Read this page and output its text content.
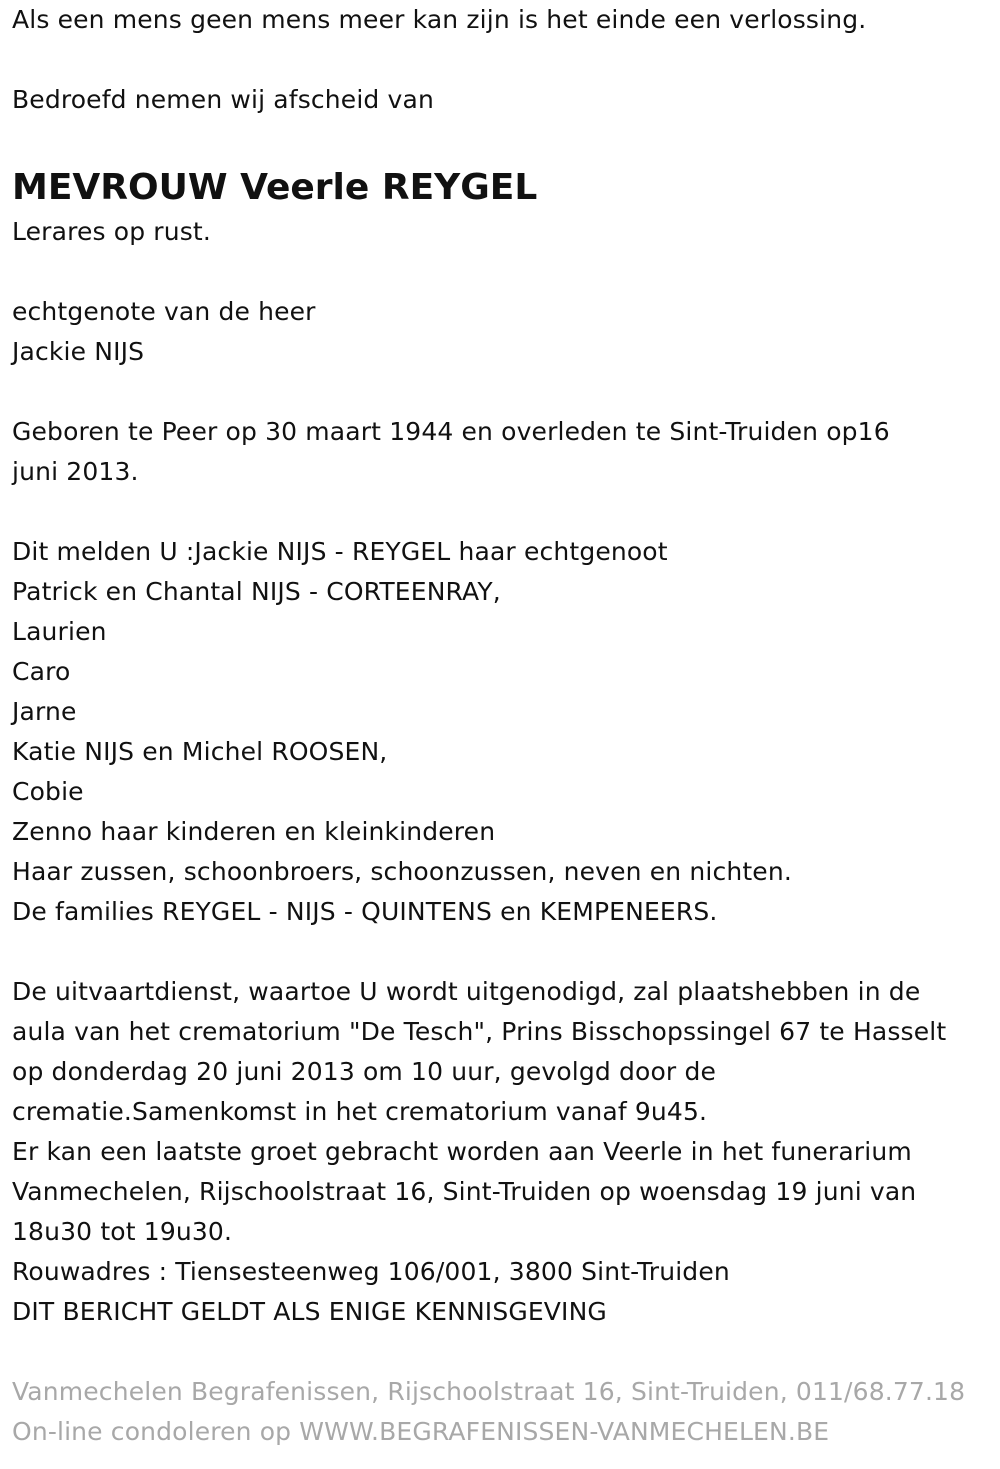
Als een mens geen mens meer kan zijn is het einde een verlossing.
Bedroefd nemen wij afscheid van
MEVROUW Veerle REYGEL
Lerares op rust.
echtgenote van de heer
Jackie NIJS
Geboren te Peer op 30 maart 1944 en overleden te Sint-Truiden op16
juni 2013.
Dit melden U :Jackie NIJS - REYGEL haar echtgenoot
Patrick en Chantal NIJS - CORTEENRAY,
Laurien
Caro
Jarne
Katie NIJS en Michel ROOSEN,
Cobie
Zenno haar kinderen en kleinkinderen
Haar zussen, schoonbroers, schoonzussen, neven en nichten.
De families REYGEL - NIJS - QUINTENS en KEMPENEERS.
De uitvaartdienst, waartoe U wordt uitgenodigd, zal plaatshebben in de
aula van het crematorium "De Tesch", Prins Bisschopssingel 67 te Hasselt
op donderdag 20 juni 2013 om 10 uur, gevolgd door de
crematie.Samenkomst in het crematorium vanaf 9u45.
Er kan een laatste groet gebracht worden aan Veerle in het funerarium
Vanmechelen, Rijschoolstraat 16, Sint-Truiden op woensdag 19 juni van
18u30 tot 19u30.
Rouwadres : Tiensesteenweg 106/001, 3800 Sint-Truiden
DIT BERICHT GELDT ALS ENIGE KENNISGEVING
Vanmechelen Begrafenissen, Rijschoolstraat 16, Sint-Truiden, 011/68.77.18
On-line condoleren op WWW.BEGRAFENISSEN-VANMECHELEN.BE
